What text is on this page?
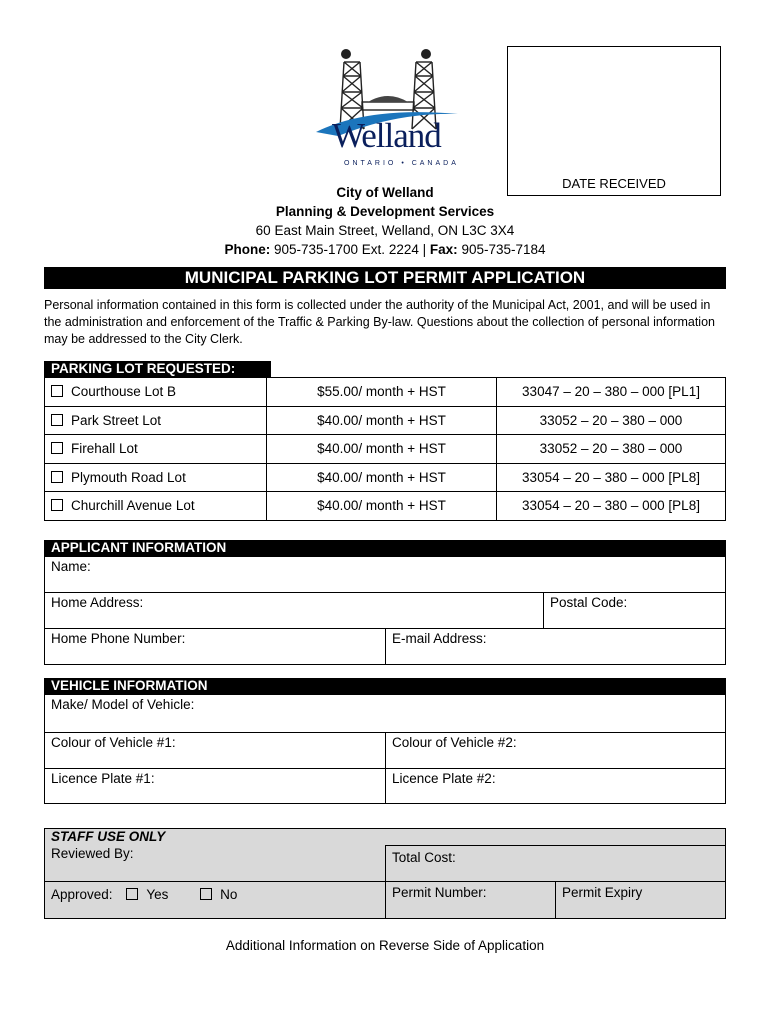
Welland
ONTARIO • CANADA
DATE RECEIVED
City of Welland
Planning & Development Services
60 East Main Street, Welland, ON L3C 3X4
Phone: 905-735-1700 Ext. 2224 | Fax: 905-735-7184
MUNICIPAL PARKING LOT PERMIT APPLICATION
Personal information contained in this form is collected under the authority of the Municipal Act, 2001, and will be used in the administration and enforcement of the Traffic & Parking By-law. Questions about the collection of personal information may be addressed to the City Clerk.
PARKING LOT REQUESTED:
Courthouse Lot B	$55.00/ month + HST	33047 – 20 – 380 – 000 [PL1]
Park Street Lot	$40.00/ month + HST	33052 – 20 – 380 – 000
Firehall Lot	$40.00/ month + HST	33052 – 20 – 380 – 000
Plymouth Road Lot	$40.00/ month + HST	33054 – 20 – 380 – 000 [PL8]
Churchill Avenue Lot	$40.00/ month + HST	33054 – 20 – 380 – 000 [PL8]
APPLICANT INFORMATION
Name:
Home Address:	Postal Code:
Home Phone Number:	E-mail Address:
VEHICLE INFORMATION
Make/ Model of Vehicle:
Colour of Vehicle #1:	Colour of Vehicle #2:
Licence Plate #1:	Licence Plate #2:
STAFF USE ONLY
Reviewed By:	Total Cost:
Approved:	Yes	No	Permit Number:	Permit Expiry
Additional Information on Reverse Side of Application
